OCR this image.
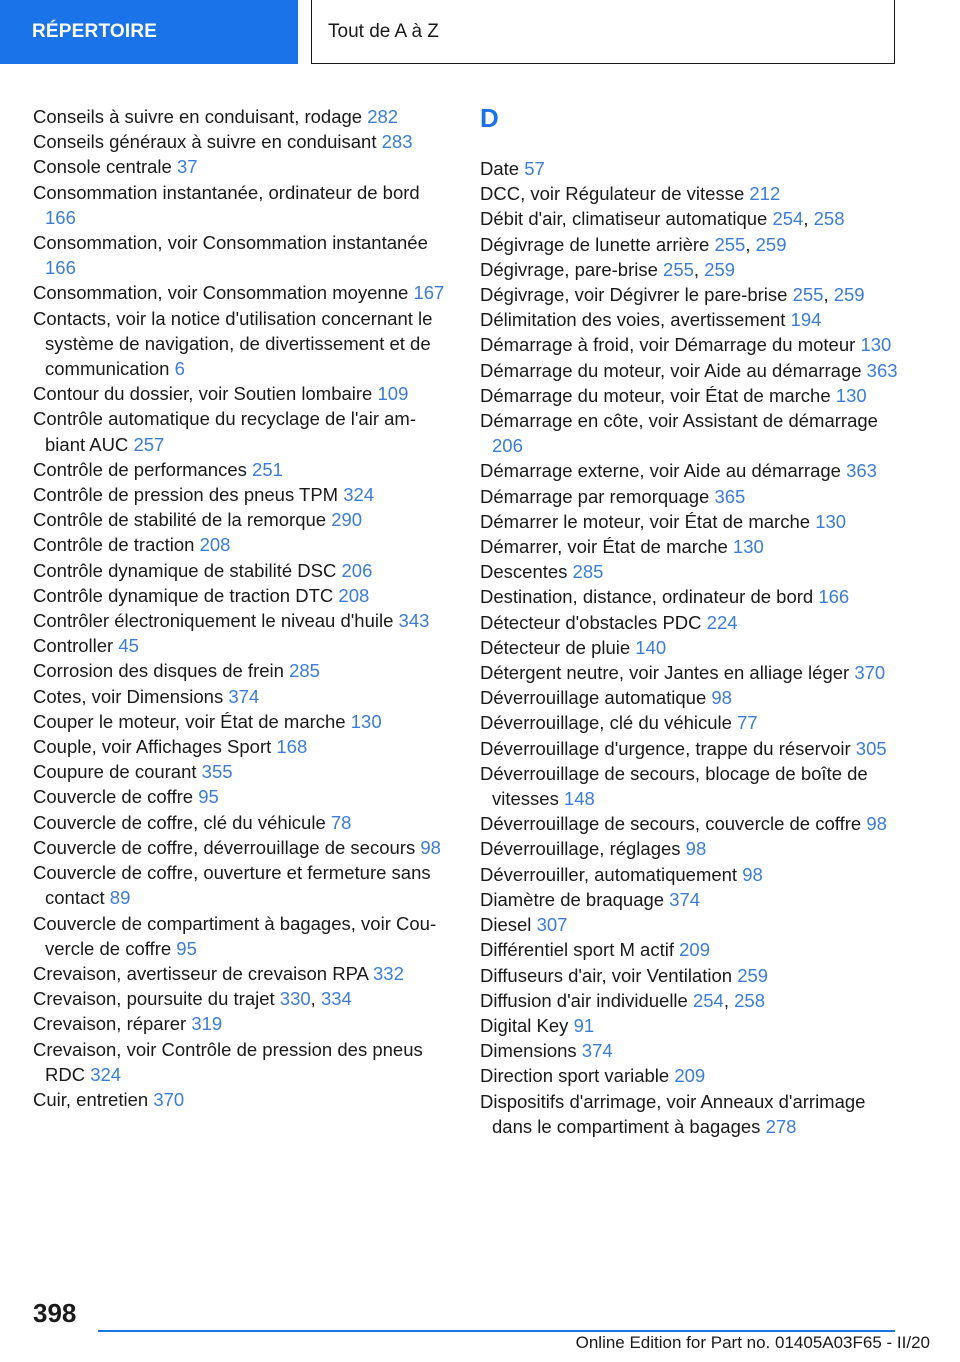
RÉPERTOIRE	Tout de A à Z

Conseils à suivre en conduisant, rodage 282

Conseils généraux à suivre en conduisant 283

Console centrale 37

Consommation instantanée, ordinateur de bord 166

Consommation, voir Consommation instantanée 166

Consommation, voir Consommation moyenne 167

Contacts, voir la notice d'utilisation concernant le système de navigation, de divertissement et de communication 6

Contour du dossier, voir Soutien lombaire 109

Contrôle automatique du recyclage de l'air ambiant AUC 257

Contrôle de performances 251

Contrôle de pression des pneus TPM 324

Contrôle de stabilité de la remorque 290

Contrôle de traction 208

Contrôle dynamique de stabilité DSC 206

Contrôle dynamique de traction DTC 208

Contrôler électroniquement le niveau d'huile 343

Controller 45

Corrosion des disques de frein 285

Cotes, voir Dimensions 374

Couper le moteur, voir État de marche 130

Couple, voir Affichages Sport 168

Coupure de courant 355

Couvercle de coffre 95

Couvercle de coffre, clé du véhicule 78

Couvercle de coffre, déverrouillage de secours 98

Couvercle de coffre, ouverture et fermeture sans contact 89

Couvercle de compartiment à bagages, voir Couvercle de coffre 95

Crevaison, avertisseur de crevaison RPA 332

Crevaison, poursuite du trajet 330, 334

Crevaison, réparer 319

Crevaison, voir Contrôle de pression des pneus RDC 324

Cuir, entretien 370

D

Date 57

DCC, voir Régulateur de vitesse 212

Débit d'air, climatiseur automatique 254, 258

Dégivrage de lunette arrière 255, 259

Dégivrage, pare-brise 255, 259

Dégivrage, voir Dégivrer le pare-brise 255, 259

Délimitation des voies, avertissement 194

Démarrage à froid, voir Démarrage du moteur 130

Démarrage du moteur, voir Aide au démarrage 363

Démarrage du moteur, voir État de marche 130

Démarrage en côte, voir Assistant de démarrage 206

Démarrage externe, voir Aide au démarrage 363

Démarrage par remorquage 365

Démarrer le moteur, voir État de marche 130

Démarrer, voir État de marche 130

Descentes 285

Destination, distance, ordinateur de bord 166

Détecteur d'obstacles PDC 224

Détecteur de pluie 140

Détergent neutre, voir Jantes en alliage léger 370

Déverrouillage automatique 98

Déverrouillage, clé du véhicule 77

Déverrouillage d'urgence, trappe du réservoir 305

Déverrouillage de secours, blocage de boîte de vitesses 148

Déverrouillage de secours, couvercle de coffre 98

Déverrouillage, réglages 98

Déverrouiller, automatiquement 98

Diamètre de braquage 374

Diesel 307

Différentiel sport M actif 209

Diffuseurs d'air, voir Ventilation 259

Diffusion d'air individuelle 254, 258

Digital Key 91

Dimensions 374

Direction sport variable 209

Dispositifs d'arrimage, voir Anneaux d'arrimage dans le compartiment à bagages 278

398
Online Edition for Part no. 01405A03F65 - II/20
